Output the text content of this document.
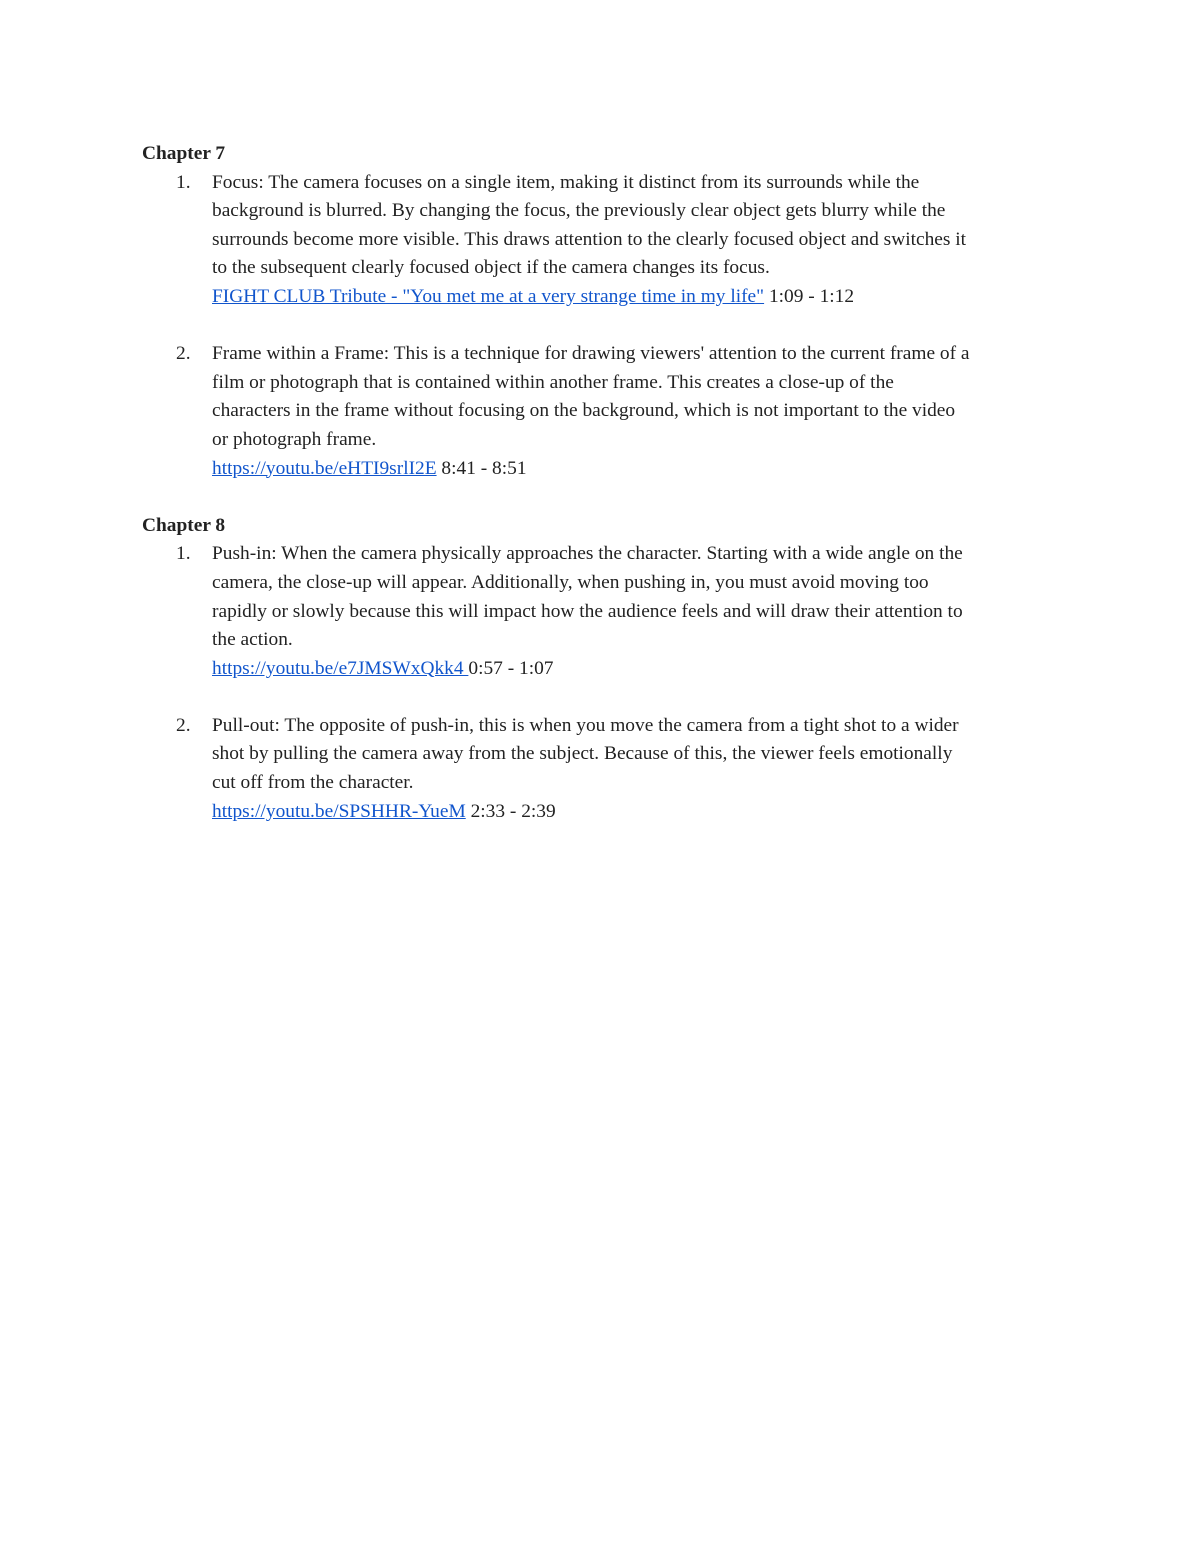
Chapter 7
1. Focus: The camera focuses on a single item, making it distinct from its surrounds while the
background is blurred. By changing the focus, the previously clear object gets blurry while the
surrounds become more visible. This draws attention to the clearly focused object and switches it
to the subsequent clearly focused object if the camera changes its focus.
FIGHT CLUB Tribute - "You met me at a very strange time in my life" 1:09 - 1:12
2. Frame within a Frame: This is a technique for drawing viewers' attention to the current frame of a
film or photograph that is contained within another frame. This creates a close-up of the
characters in the frame without focusing on the background, which is not important to the video
or photograph frame.
https://youtu.be/eHTI9srlI2E 8:41 - 8:51
Chapter 8
1. Push-in: When the camera physically approaches the character. Starting with a wide angle on the
camera, the close-up will appear. Additionally, when pushing in, you must avoid moving too
rapidly or slowly because this will impact how the audience feels and will draw their attention to
the action.
https://youtu.be/e7JMSWxQkk4 0:57 - 1:07
2. Pull-out: The opposite of push-in, this is when you move the camera from a tight shot to a wider
shot by pulling the camera away from the subject. Because of this, the viewer feels emotionally
cut off from the character.
https://youtu.be/SPSHHR-YueM 2:33 - 2:39
